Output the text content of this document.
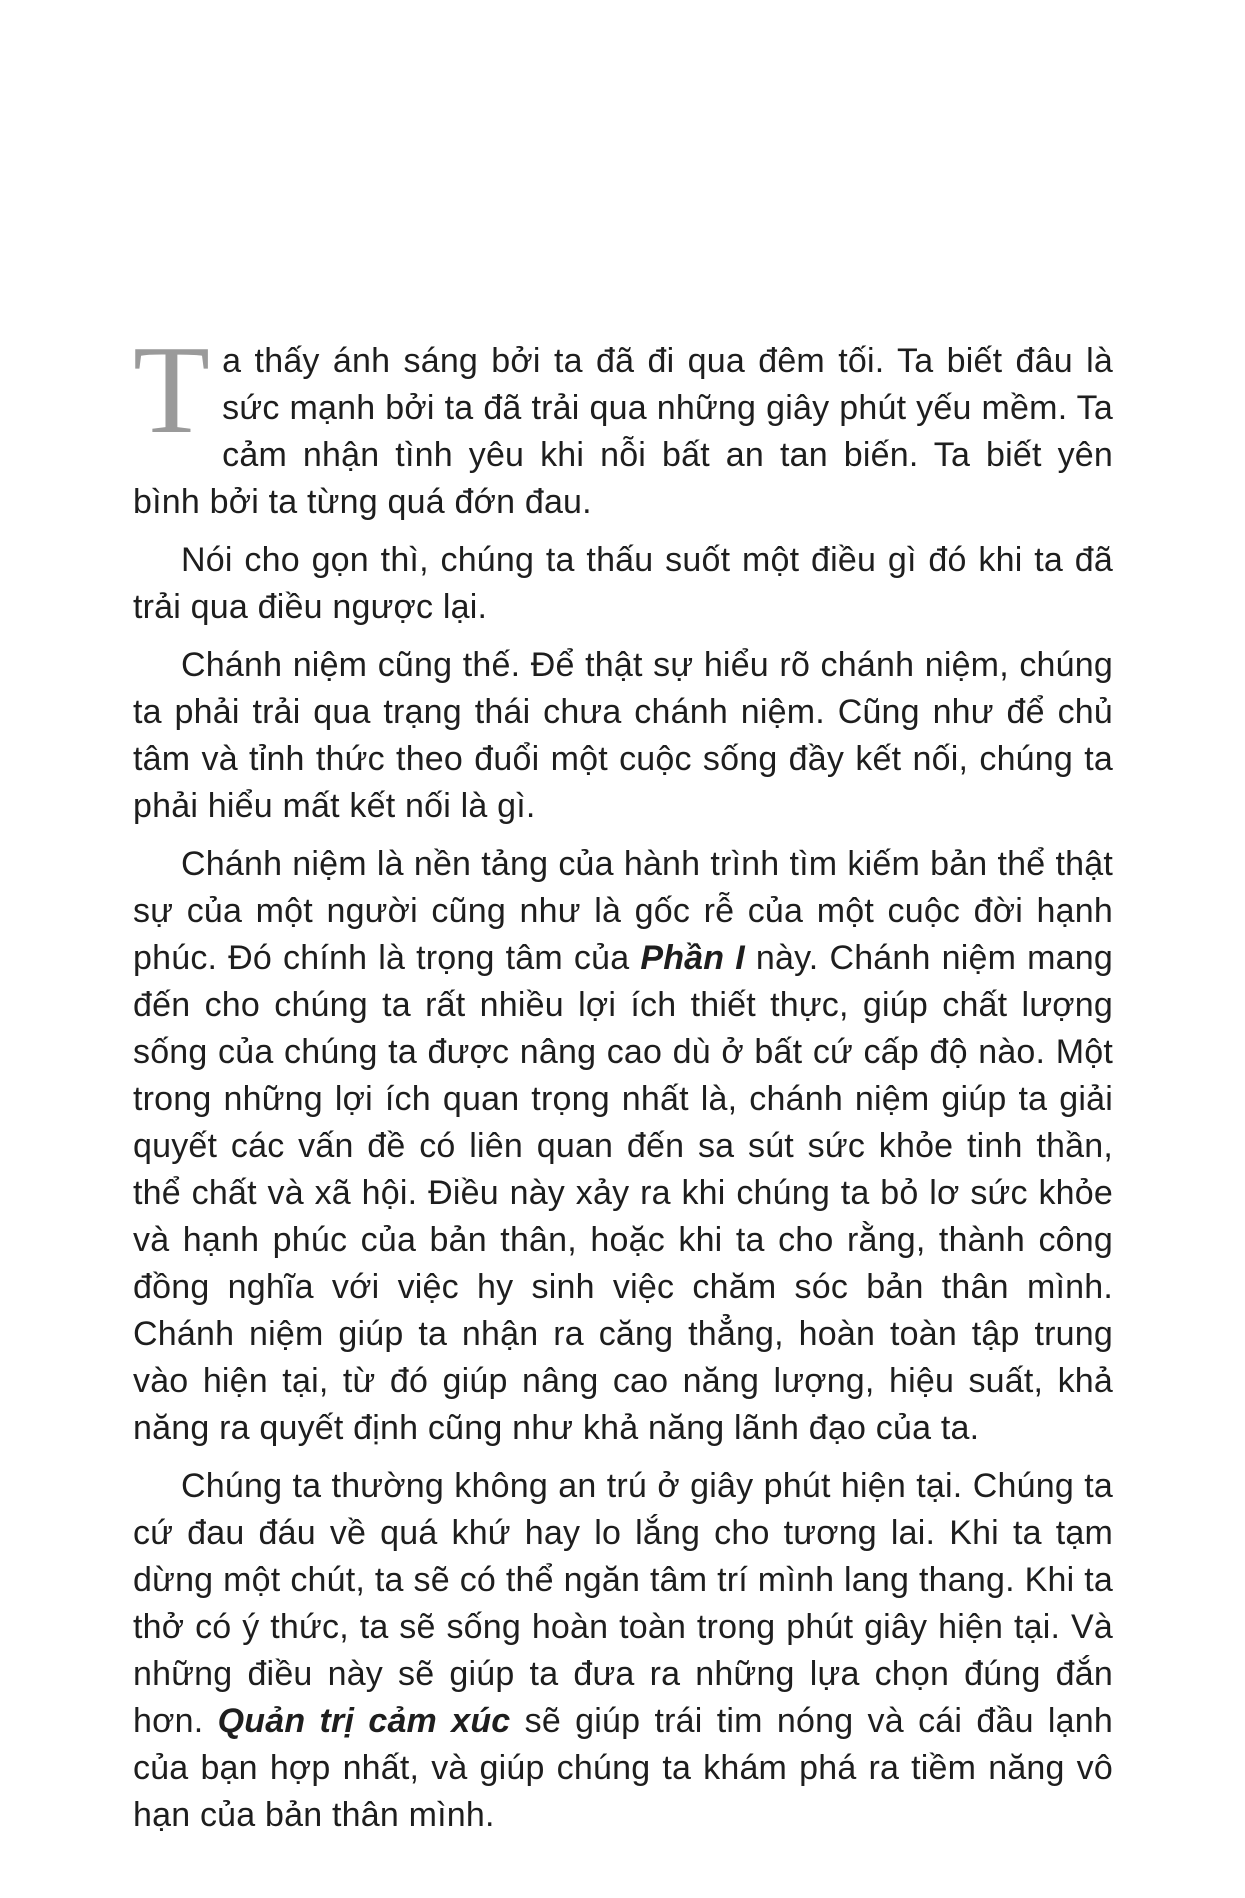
Ta thấy ánh sáng bởi ta đã đi qua đêm tối. Ta biết đâu là sức mạnh bởi ta đã trải qua những giây phút yếu mềm. Ta cảm nhận tình yêu khi nỗi bất an tan biến. Ta biết yên bình bởi ta từng quá đớn đau.

Nói cho gọn thì, chúng ta thấu suốt một điều gì đó khi ta đã trải qua điều ngược lại.

Chánh niệm cũng thế. Để thật sự hiểu rõ chánh niệm, chúng ta phải trải qua trạng thái chưa chánh niệm. Cũng như để chủ tâm và tỉnh thức theo đuổi một cuộc sống đầy kết nối, chúng ta phải hiểu mất kết nối là gì.

Chánh niệm là nền tảng của hành trình tìm kiếm bản thể thật sự của một người cũng như là gốc rễ của một cuộc đời hạnh phúc. Đó chính là trọng tâm của Phần I này. Chánh niệm mang đến cho chúng ta rất nhiều lợi ích thiết thực, giúp chất lượng sống của chúng ta được nâng cao dù ở bất cứ cấp độ nào. Một trong những lợi ích quan trọng nhất là, chánh niệm giúp ta giải quyết các vấn đề có liên quan đến sa sút sức khỏe tinh thần, thể chất và xã hội. Điều này xảy ra khi chúng ta bỏ lơ sức khỏe và hạnh phúc của bản thân, hoặc khi ta cho rằng, thành công đồng nghĩa với việc hy sinh việc chăm sóc bản thân mình. Chánh niệm giúp ta nhận ra căng thẳng, hoàn toàn tập trung vào hiện tại, từ đó giúp nâng cao năng lượng, hiệu suất, khả năng ra quyết định cũng như khả năng lãnh đạo của ta.

Chúng ta thường không an trú ở giây phút hiện tại. Chúng ta cứ đau đáu về quá khứ hay lo lắng cho tương lai. Khi ta tạm dừng một chút, ta sẽ có thể ngăn tâm trí mình lang thang. Khi ta thở có ý thức, ta sẽ sống hoàn toàn trong phút giây hiện tại. Và những điều này sẽ giúp ta đưa ra những lựa chọn đúng đắn hơn. Quản trị cảm xúc sẽ giúp trái tim nóng và cái đầu lạnh của bạn hợp nhất, và giúp chúng ta khám phá ra tiềm năng vô hạn của bản thân mình.
